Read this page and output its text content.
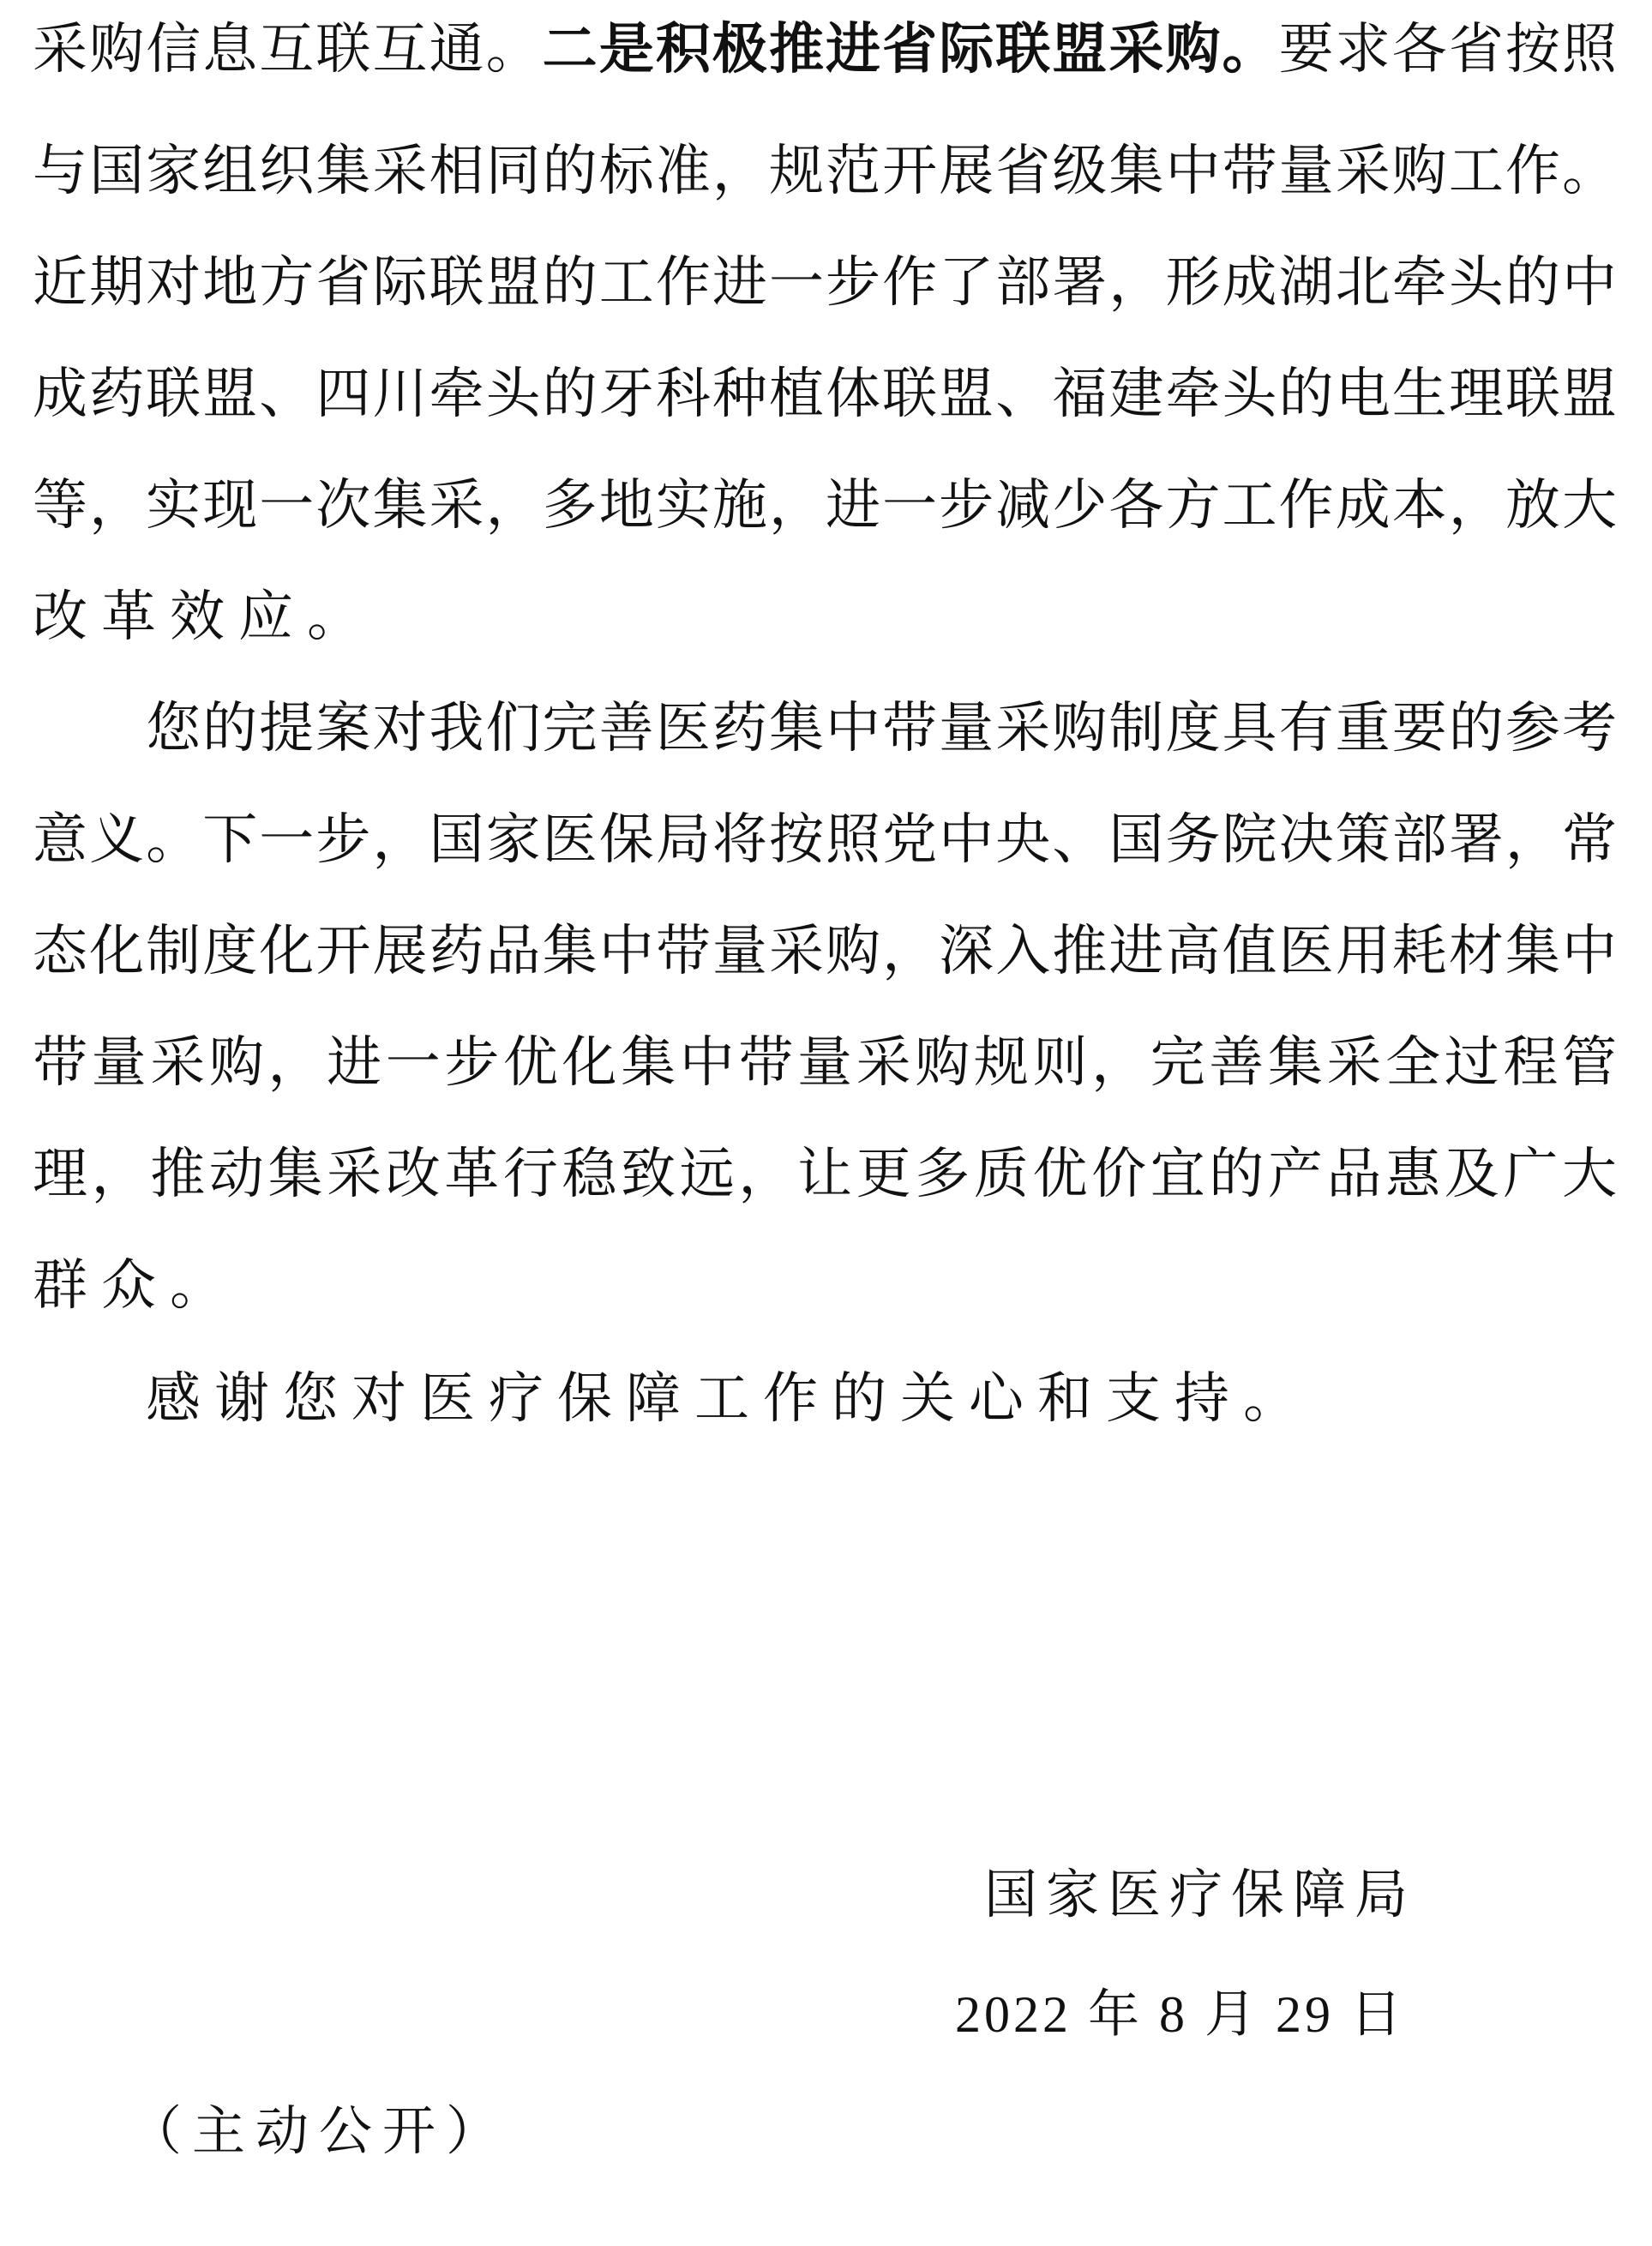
采购信息互联互通。二是积极推进省际联盟采购。要求各省按照
与国家组织集采相同的标准，规范开展省级集中带量采购工作。
近期对地方省际联盟的工作进一步作了部署，形成湖北牵头的中
成药联盟、四川牵头的牙科种植体联盟、福建牵头的电生理联盟
等，实现一次集采，多地实施，进一步减少各方工作成本，放大
改革效应。
您的提案对我们完善医药集中带量采购制度具有重要的参考
意义。下一步，国家医保局将按照党中央、国务院决策部署，常
态化制度化开展药品集中带量采购，深入推进高值医用耗材集中
带量采购，进一步优化集中带量采购规则，完善集采全过程管
理，推动集采改革行稳致远，让更多质优价宜的产品惠及广大
群众。
感谢您对医疗保障工作的关心和支持。
国家医疗保障局
2022 年 8 月 29 日
（主动公开）
